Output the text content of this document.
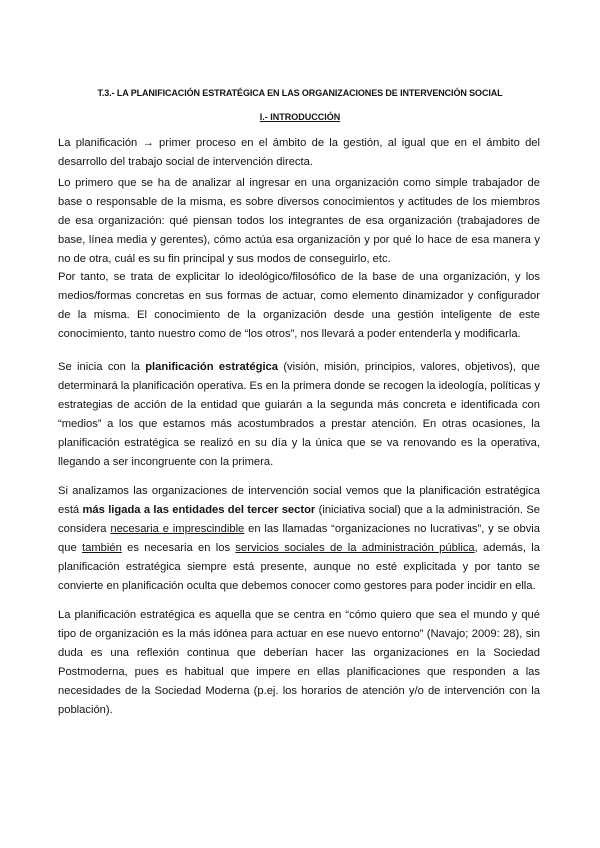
T.3.- LA PLANIFICACIÓN ESTRATÉGICA EN LAS ORGANIZACIONES DE INTERVENCIÓN SOCIAL
I.- INTRODUCCIÓN

La planificación → primer proceso en el ámbito de la gestión, al igual que en el ámbito del desarrollo del trabajo social de intervención directa.

Lo primero que se ha de analizar al ingresar en una organización como simple trabajador de base o responsable de la misma, es sobre diversos conocimientos y actitudes de los miembros de esa organización: qué piensan todos los integrantes de esa organización (trabajadores de base, línea media y gerentes), cómo actúa esa organización y por qué lo hace de esa manera y no de otra, cuál es su fin principal y sus modos de conseguirlo, etc.

Por tanto, se trata de explicitar lo ideológico/filosófico de la base de una organización, y los medios/formas concretas en sus formas de actuar, como elemento dinamizador y configurador de la misma. El conocimiento de la organización desde una gestión inteligente de este conocimiento, tanto nuestro como de “los otros”, nos llevará a poder entenderla y modificarla.

Se inicia con la planificación estratégica (visión, misión, principios, valores, objetivos), que determinará la planificación operativa. Es en la primera donde se recogen la ideología, políticas y estrategias de acción de la entidad que guiarán a la segunda más concreta e identificada con “medios” a los que estamos más acostumbrados a prestar atención. En otras ocasiones, la planificación estratégica se realizó en su día y la única que se va renovando es la operativa, llegando a ser incongruente con la primera.

Si analizamos las organizaciones de intervención social vemos que la planificación estratégica está más ligada a las entidades del tercer sector (iniciativa social) que a la administración. Se considera necesaria e imprescindible en las llamadas “organizaciones no lucrativas”, y se obvia que también es necesaria en los servicios sociales de la administración pública, además, la planificación estratégica siempre está presente, aunque no esté explicitada y por tanto se convierte en planificación oculta que debemos conocer como gestores para poder incidir en ella.

La planificación estratégica es aquella que se centra en “cómo quiero que sea el mundo y qué tipo de organización es la más idónea para actuar en ese nuevo entorno” (Navajo; 2009: 28), sin duda es una reflexión continua que deberían hacer las organizaciones en la Sociedad Postmoderna, pues es habitual que impere en ellas planificaciones que responden a las necesidades de la Sociedad Moderna (p.ej. los horarios de atención y/o de intervención con la población).
